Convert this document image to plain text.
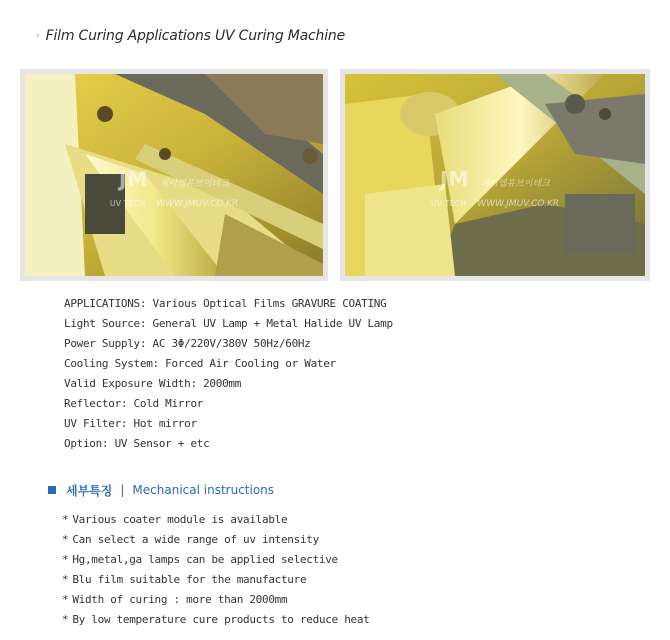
› Film Curing Applications UV Curing Machine
JM 제이엠유브이테크
UV TECH WWW.JMUV.CO.KR
JM 제이엠유브이테크
UV TECH WWW.JMUV.CO.KR
APPLICATIONS: Various Optical Films GRAVURE COATING
Light Source: General UV Lamp + Metal Halide UV Lamp
Power Supply: AC 3Φ/220V/380V 50Hz/60Hz
Cooling System: Forced Air Cooling or Water
Valid Exposure Width: 2000mm
Reflector: Cold Mirror
UV Filter: Hot mirror
Option: UV Sensor + etc
세부특징 | Mechanical instructions
* Various coater module is available
* Can select a wide range of uv intensity
* Hg,metal,ga lamps can be applied selective
* Blu film suitable for the manufacture
* Width of curing : more than 2000mm
* By low temperature cure products to reduce heat
